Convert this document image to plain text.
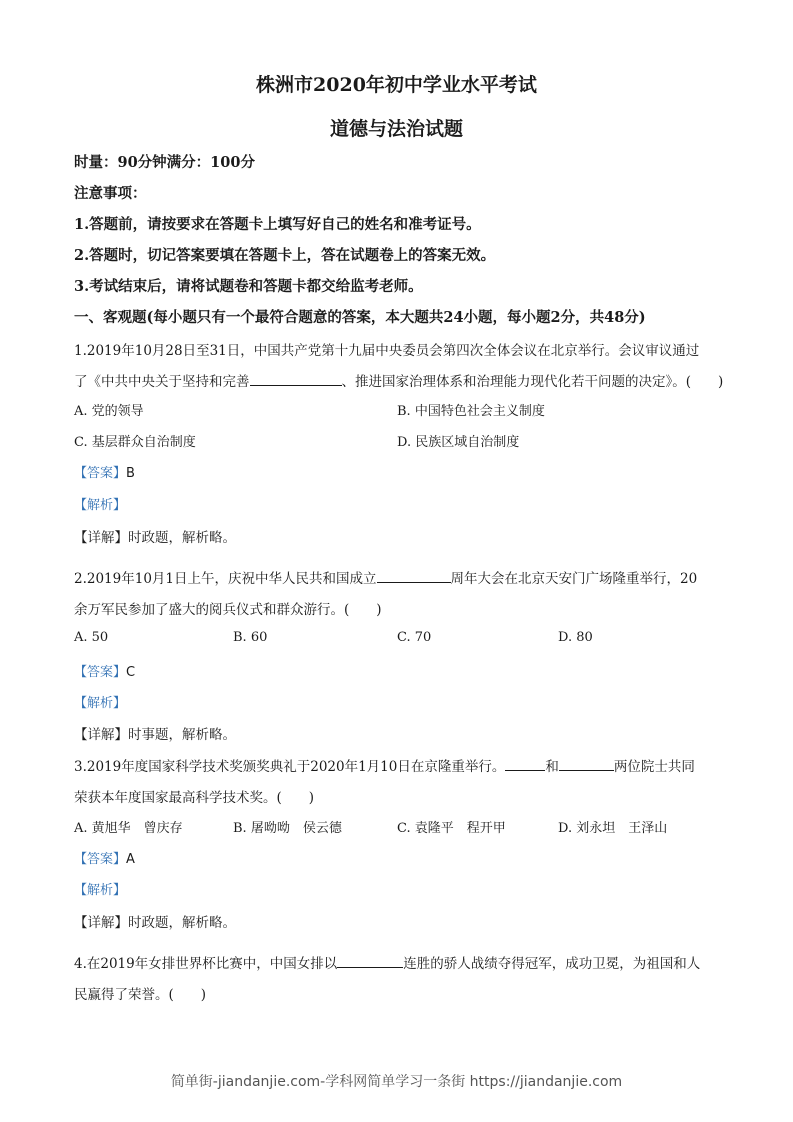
株洲市2020年初中学业水平考试
道德与法治试题
时量：90分钟满分：100分
注意事项：
1.答题前，请按要求在答题卡上填写好自己的姓名和准考证号。
2.答题时，切记答案要填在答题卡上，答在试题卷上的答案无效。
3.考试结束后，请将试题卷和答题卡都交给监考老师。
一、客观题(每小题只有一个最符合题意的答案，本大题共24小题，每小题2分，共48分)
1.2019年10月28日至31日，中国共产党第十九届中央委员会第四次全体会议在北京举行。会议审议通过
了《中共中央关于坚持和完善	、推进国家治理体系和治理能力现代化若干问题的决定》。(　　)
A. 党的领导	B. 中国特色社会主义制度
C. 基层群众自治制度	D. 民族区域自治制度
【答案】B
【解析】
【详解】时政题，解析略。
2.2019年10月1日上午，庆祝中华人民共和国成立	周年大会在北京天安门广场隆重举行，20
余万军民参加了盛大的阅兵仪式和群众游行。(　　)
A. 50	B. 60	C. 70	D. 80
【答案】C
【解析】
【详解】时事题，解析略。
3.2019年度国家科学技术奖颁奖典礼于2020年1月10日在京隆重举行。	和	两位院士共同
荣获本年度国家最高科学技术奖。(　　)
A. 黄旭华　曾庆存	B. 屠呦呦　侯云德	C. 袁隆平　程开甲	D. 刘永坦　王泽山
【答案】A
【解析】
【详解】时政题，解析略。
4.在2019年女排世界杯比赛中，中国女排以	连胜的骄人战绩夺得冠军，成功卫冕，为祖国和人
民赢得了荣誉。(　　)
简单街-jiandanjie.com-学科网简单学习一条街 https://jiandanjie.com
